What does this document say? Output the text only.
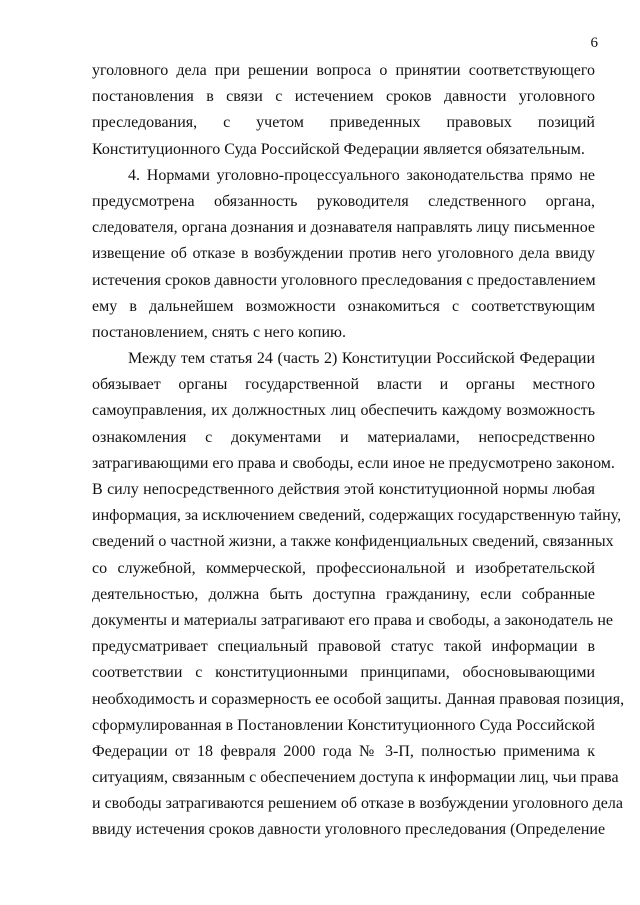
6
уголовного дела при решении вопроса о принятии соответствующего
постановления в связи с истечением сроков давности уголовного
преследования, с учетом приведенных правовых позиций
Конституционного Суда Российской Федерации является обязательным.
4. Нормами уголовно-процессуального законодательства прямо не
предусмотрена обязанность руководителя следственного органа,
следователя, органа дознания и дознавателя направлять лицу письменное
извещение об отказе в возбуждении против него уголовного дела ввиду
истечения сроков давности уголовного преследования с предоставлением
ему в дальнейшем возможности ознакомиться с соответствующим
постановлением, снять с него копию.
Между тем статья 24 (часть 2) Конституции Российской Федерации
обязывает органы государственной власти и органы местного
самоуправления, их должностных лиц обеспечить каждому возможность
ознакомления с документами и материалами, непосредственно
затрагивающими его права и свободы, если иное не предусмотрено законом.
В силу непосредственного действия этой конституционной нормы любая
информация, за исключением сведений, содержащих государственную тайну,
сведений о частной жизни, а также конфиденциальных сведений, связанных
со служебной, коммерческой, профессиональной и изобретательской
деятельностью, должна быть доступна гражданину, если собранные
документы и материалы затрагивают его права и свободы, а законодатель не
предусматривает специальный правовой статус такой информации в
соответствии с конституционными принципами, обосновывающими
необходимость и соразмерность ее особой защиты. Данная правовая позиция,
сформулированная в Постановлении Конституционного Суда Российской
Федерации от 18 февраля 2000 года № 3-П, полностью применима к
ситуациям, связанным с обеспечением доступа к информации лиц, чьи права
и свободы затрагиваются решением об отказе в возбуждении уголовного дела
ввиду истечения сроков давности уголовного преследования (Определение
